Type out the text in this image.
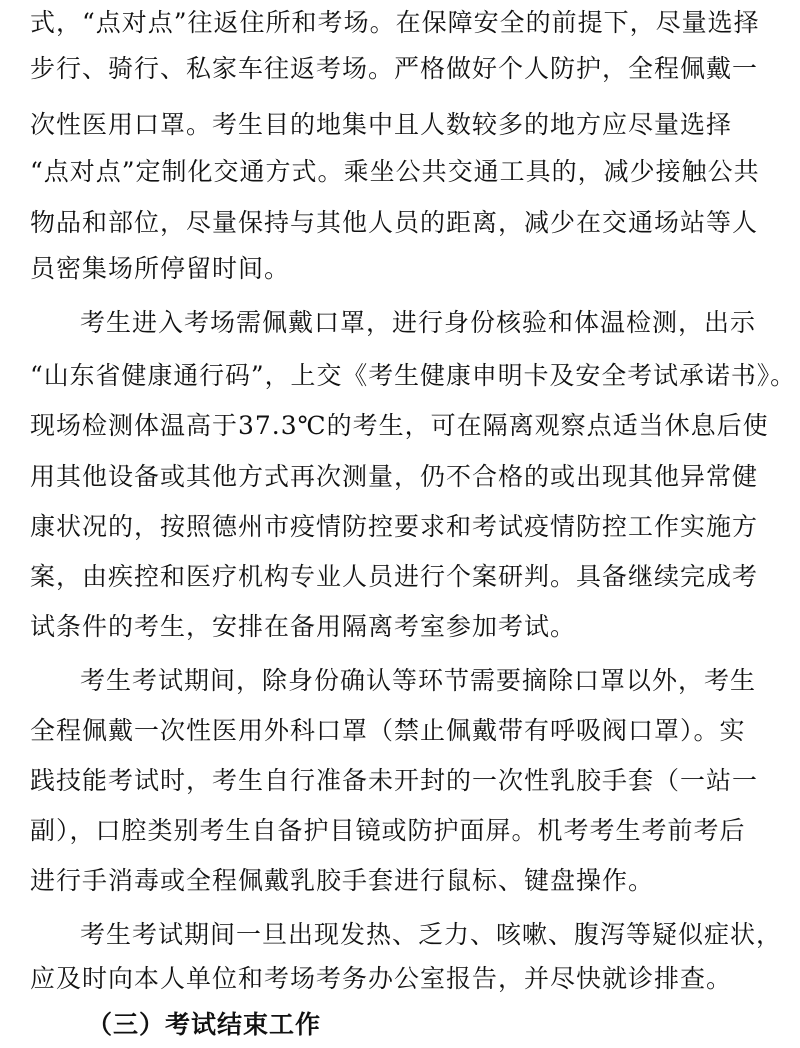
式，“点对点”往返住所和考场。在保障安全的前提下，尽量选择
步行、骑行、私家车往返考场。严格做好个人防护，全程佩戴一
次性医用口罩。考生目的地集中且人数较多的地方应尽量选择
“点对点”定制化交通方式。乘坐公共交通工具的，减少接触公共
物品和部位，尽量保持与其他人员的距离，减少在交通场站等人
员密集场所停留时间。
考生进入考场需佩戴口罩，进行身份核验和体温检测，出示
“山东省健康通行码”，上交《考生健康申明卡及安全考试承诺书》。
现场检测体温高于37.3℃的考生，可在隔离观察点适当休息后使
用其他设备或其他方式再次测量，仍不合格的或出现其他异常健
康状况的，按照德州市疫情防控要求和考试疫情防控工作实施方
案，由疾控和医疗机构专业人员进行个案研判。具备继续完成考
试条件的考生，安排在备用隔离考室参加考试。
考生考试期间，除身份确认等环节需要摘除口罩以外，考生
全程佩戴一次性医用外科口罩（禁止佩戴带有呼吸阀口罩）。实
践技能考试时，考生自行准备未开封的一次性乳胶手套（一站一
副），口腔类别考生自备护目镜或防护面屏。机考考生考前考后
进行手消毒或全程佩戴乳胶手套进行鼠标、键盘操作。
考生考试期间一旦出现发热、乏力、咳嗽、腹泻等疑似症状，
应及时向本人单位和考场考务办公室报告，并尽快就诊排查。
（三）考试结束工作
